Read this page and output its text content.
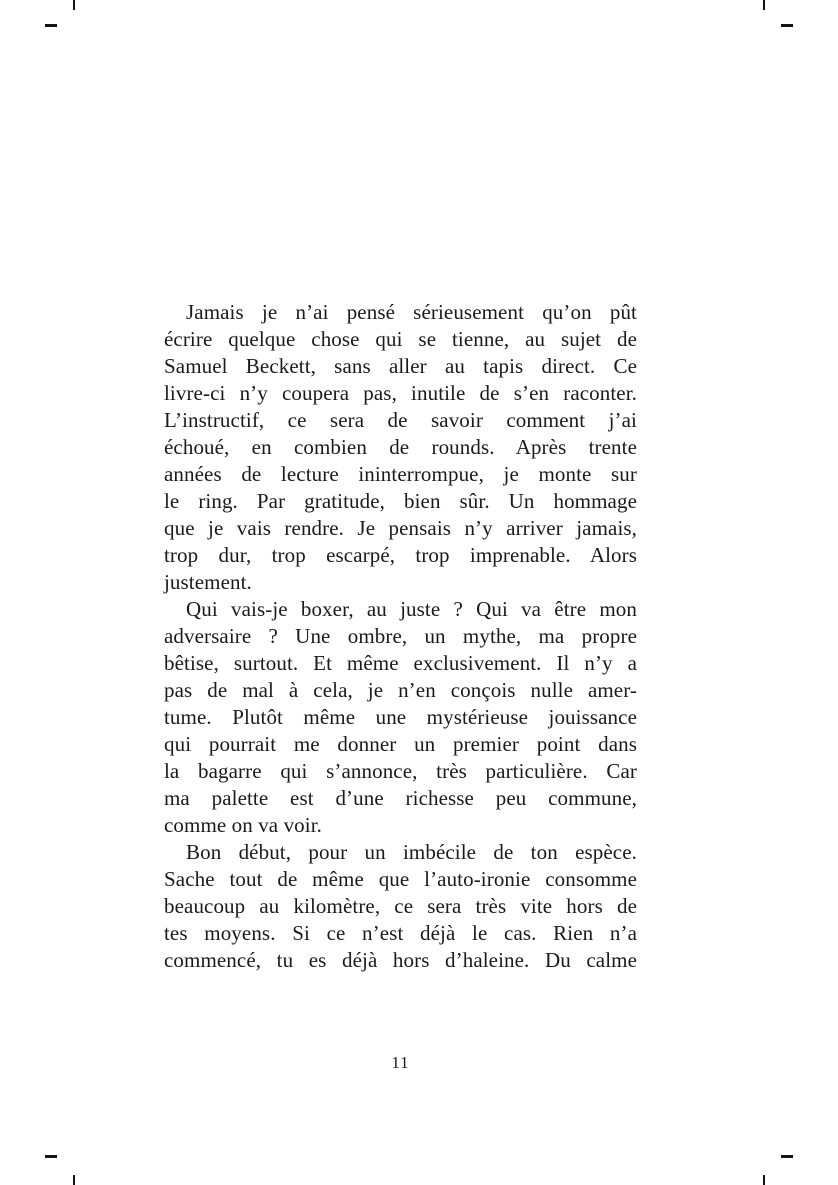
Jamais je n’ai pensé sérieusement qu’on pût
écrire quelque chose qui se tienne, au sujet de
Samuel Beckett, sans aller au tapis direct. Ce
livre-ci n’y coupera pas, inutile de s’en raconter.
L’instructif, ce sera de savoir comment j’ai
échoué, en combien de rounds. Après trente
années de lecture ininterrompue, je monte sur
le ring. Par gratitude, bien sûr. Un hommage
que je vais rendre. Je pensais n’y arriver jamais,
trop dur, trop escarpé, trop imprenable. Alors
justement.
Qui vais-je boxer, au juste ? Qui va être mon
adversaire ? Une ombre, un mythe, ma propre
bêtise, surtout. Et même exclusivement. Il n’y a
pas de mal à cela, je n’en conçois nulle amer-
tume. Plutôt même une mystérieuse jouissance
qui pourrait me donner un premier point dans
la bagarre qui s’annonce, très particulière. Car
ma palette est d’une richesse peu commune,
comme on va voir.
Bon début, pour un imbécile de ton espèce.
Sache tout de même que l’auto-ironie consomme
beaucoup au kilomètre, ce sera très vite hors de
tes moyens. Si ce n’est déjà le cas. Rien n’a
commencé, tu es déjà hors d’haleine. Du calme
11
